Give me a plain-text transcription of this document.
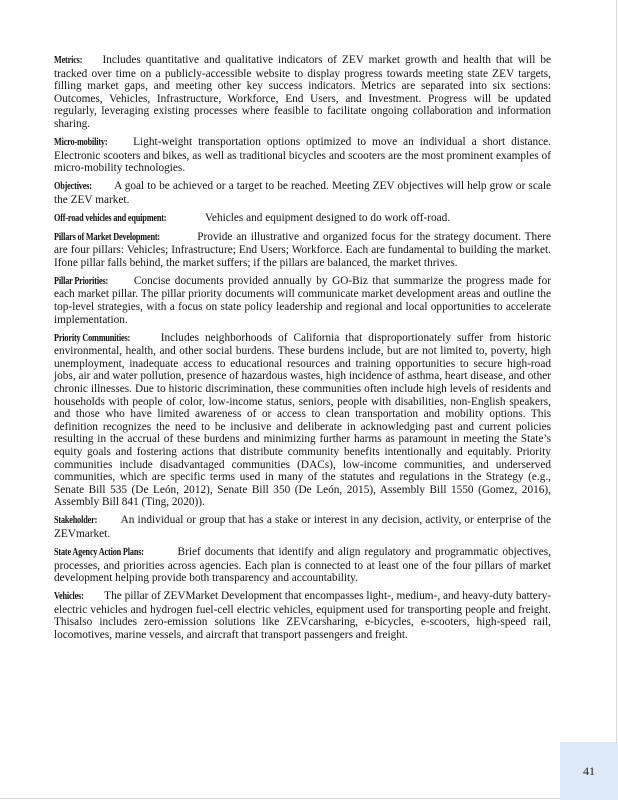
Metrics: Includes quantitative and qualitative indicators of ZEV market growth and health that will be tracked over time on a publicly-accessible website to display progress towards meeting state ZEV targets, filling market gaps, and meeting other key success indicators. Metrics are separated into six sections: Outcomes, Vehicles, Infrastructure, Workforce, End Users, and Investment. Progress will be updated regularly, leveraging existing processes where feasible to facilitate ongoing collaboration and information sharing.

Micro-mobility: Light-weight transportation options optimized to move an individual a short distance. Electronic scooters and bikes, as well as traditional bicycles and scooters are the most prominent examples of micro-mobility technologies.

Objectives: A goal to be achieved or a target to be reached. Meeting ZEV objectives will help grow or scale the ZEV market.

Off-road vehicles and equipment:	Vehicles and equipment designed to do work off-road.

Pillars of Market Development:	Provide an illustrative and organized focus for the strategy document. There are four pillars: Vehicles; Infrastructure; End Users; Workforce. Each are fundamental to building the market. Ifone pillar falls behind, the market suffers; if the pillars are balanced, the market thrives.

Pillar Priorities: Concise documents provided annually by GO-Biz that summarize the progress made for each market pillar. The pillar priority documents will communicate market development areas and outline the top-level strategies, with a focus on state policy leadership and regional and local opportunities to accelerate implementation.

Priority Communities:	Includes neighborhoods of California that disproportionately suffer from historic environmental, health, and other social burdens. These burdens include, but are not limited to, poverty, high unemployment, inadequate access to educational resources and training opportunities to secure high-road jobs, air and water pollution, presence of hazardous wastes, high incidence of asthma, heart disease, and other chronic illnesses. Due to historic discrimination, these communities often include high levels of residents and households with people of color, low-income status, seniors, people with disabilities, non-English speakers, and those who have limited awareness of or access to clean transportation and mobility options. This definition recognizes the need to be inclusive and deliberate in acknowledging past and current policies resulting in the accrual of these burdens and minimizing further harms as paramount in meeting the State’s equity goals and fostering actions that distribute community benefits intentionally and equitably. Priority communities include disadvantaged communities (DACs), low-income communities, and underserved communities, which are specific terms used in many of the statutes and regulations in the Strategy (e.g., Senate Bill 535 (De León, 2012), Senate Bill 350 (De León, 2015), Assembly Bill 1550 (Gomez, 2016), Assembly Bill 841 (Ting, 2020)).

Stakeholder: An individual or group that has a stake or interest in any decision, activity, or enterprise of the ZEVmarket.

State Agency Action Plans:	Brief documents that identify and align regulatory and programmatic objectives, processes, and priorities across agencies. Each plan is connected to at least one of the four pillars of market development helping provide both transparency and accountability.

Vehicles: The pillar of ZEVMarket Development that encompasses light-, medium-, and heavy-duty battery-electric vehicles and hydrogen fuel-cell electric vehicles, equipment used for transporting people and freight. Thisalso includes zero-emission solutions like ZEVcarsharing, e-bicycles, e-scooters, high-speed rail, locomotives, marine vessels, and aircraft that transport passengers and freight.

41
